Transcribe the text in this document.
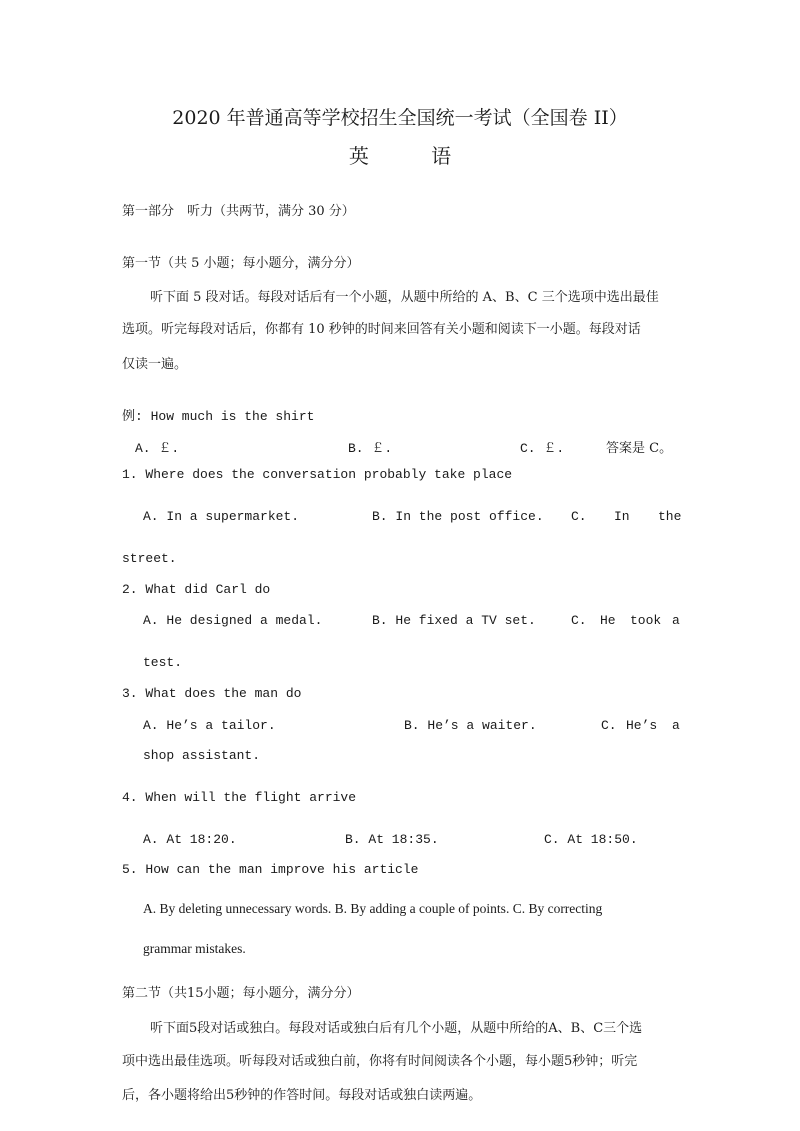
2020 年普通高等学校招生全国统一考试（全国卷 II）
英 语
第一部分　听力（共两节，满分 30 分）
第一节（共 5 小题；每小题分，满分分）
听下面 5 段对话。每段对话后有一个小题，从题中所给的 A、B、C 三个选项中选出最佳
选项。听完每段对话后，你都有 10 秒钟的时间来回答有关小题和阅读下一小题。每段对话
仅读一遍。
例: How much is the shirt
A. ￡.	B. ￡.	C. ￡.	答案是 C。
1. Where does the conversation probably take place
A. In a supermarket.	B. In the post office. C. In the
street.
2. What did Carl do
A. He designed a medal.	B. He fixed a TV set.	C. He took a
test.
3. What does the man do
A. He’s a tailor.	B. He’s a waiter.	C. He’s a
shop assistant.
4. When will the flight arrive
A. At 18:20.	B. At 18:35.	C. At 18:50.
5. How can the man improve his article
A. By deleting unnecessary words. B. By adding a couple of points. C. By correcting
grammar mistakes.
第二节（共15小题；每小题分，满分分）
听下面5段对话或独白。每段对话或独白后有几个小题，从题中所给的A、B、C三个选
项中选出最佳选项。听每段对话或独白前，你将有时间阅读各个小题，每小题5秒钟；听完
后，各小题将给出5秒钟的作答时间。每段对话或独白读两遍。
